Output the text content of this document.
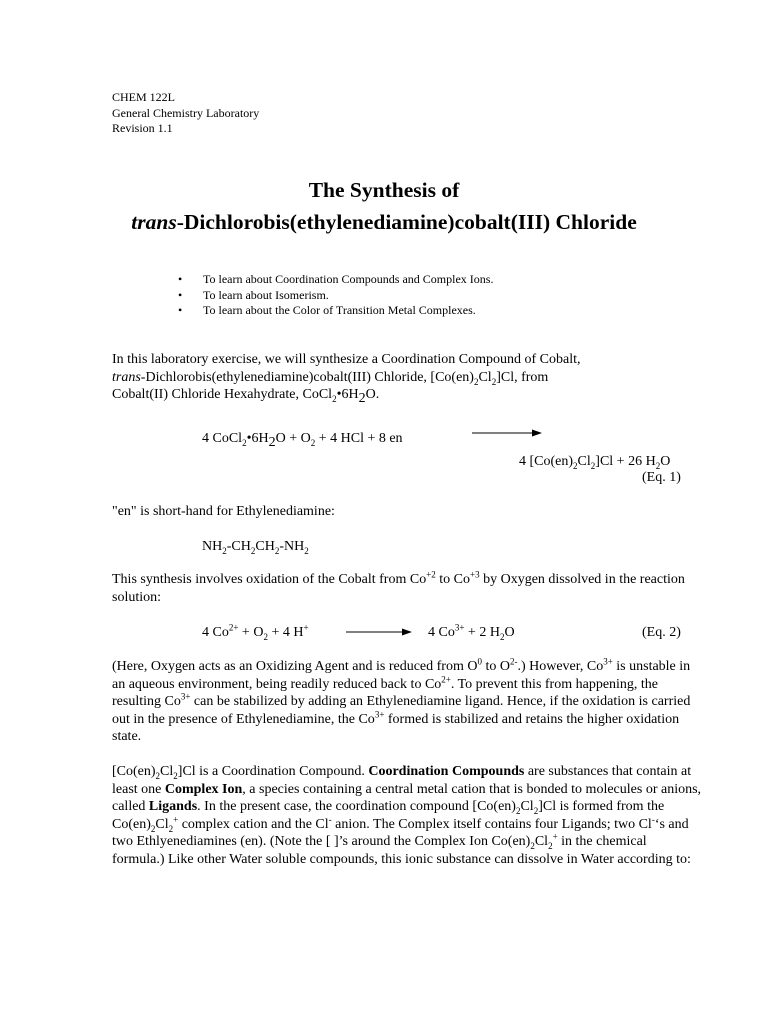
CHEM 122L
General Chemistry Laboratory
Revision 1.1
The Synthesis of
trans-Dichlorobis(ethylenediamine)cobalt(III) Chloride
• To learn about Coordination Compounds and Complex Ions.
• To learn about Isomerism.
• To learn about the Color of Transition Metal Complexes.

In this laboratory exercise, we will synthesize a Coordination Compound of Cobalt,
trans-Dichlorobis(ethylenediamine)cobalt(III) Chloride, $[Co(en)_2Cl_2]Cl$, from
Cobalt(II) Chloride Hexahydrate, $CoCl_2•6H_2O$.

4 $CoCl_2•6H_2O + O_2 + 4$ HCl + 8 en
4 $[Co(en)_2Cl_2]Cl + 26$ $H_2O$
(Eq. 1)

"en" is short-hand for Ethylenediamine:

$NH_2-CH_2CH_2-NH_2$

This synthesis involves oxidation of the Cobalt from $Co^{+2}$ to $Co^{+3}$ by Oxygen dissolved in the reaction solution:

4 $Co^{2+} + O_2 + 4$ H+	4 $Co^{3+} + 2$ $H_2O$	(Eq. 2)

(Here, Oxygen acts as an Oxidizing Agent and is reduced from $O^0$ to $O^{2-}$.) However, $Co^{3+}$ is unstable in an aqueous environment, being readily reduced back to $Co^{2+}$. To prevent this from happening, the resulting $Co^{3+}$ can be stabilized by adding an Ethylenediamine ligand. Hence, if the oxidation is carried out in the presence of Ethylenediamine, the $Co^{3+}$ formed is stabilized and retains the higher oxidation state.

$[Co(en)_2Cl_2]Cl$ is a Coordination Compound. Coordination Compounds are substances that contain at least one Complex Ion, a species containing a central metal cation that is bonded to molecules or anions, called Ligands. In the present case, the coordination compound $[Co(en)_2Cl_2]Cl$ is formed from the $Co(en)_2Cl_2^+$ complex cation and the Cl- anion. The Complex itself contains four Ligands; two Cl-‘s and two Ethlyenediamines (en). (Note the [ ]’s around the Complex Ion $Co(en)_2Cl_2^+$ in the chemical formula.) Like other Water soluble compounds, this ionic substance can dissolve in Water according to:
